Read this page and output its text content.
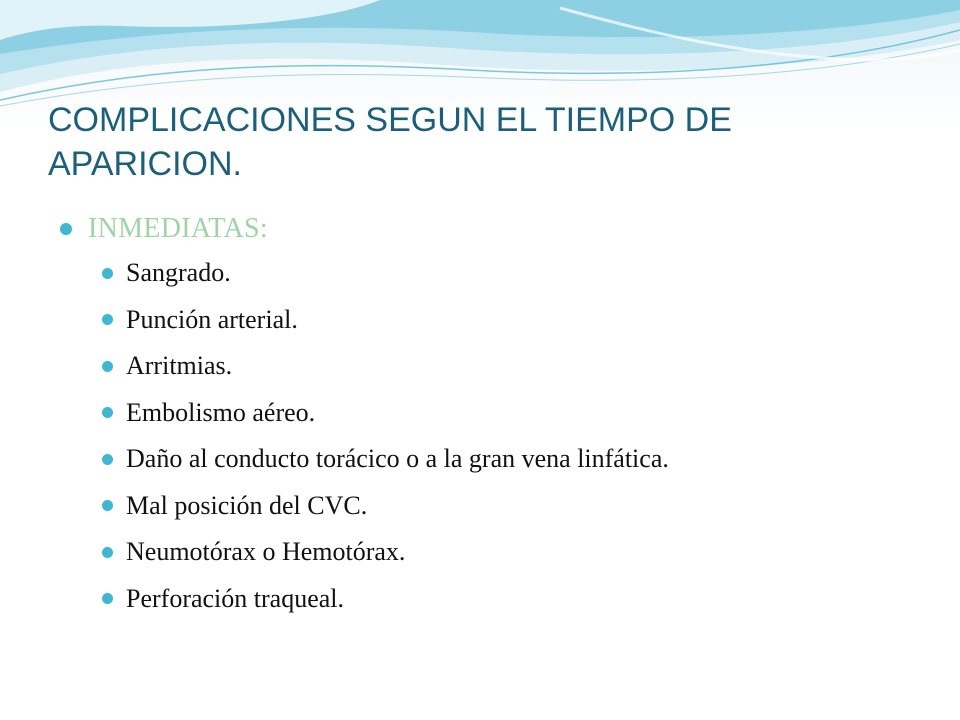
COMPLICACIONES SEGUN EL TIEMPO DE
APARICION.
INMEDIATAS:
Sangrado.
Punción arterial.
Arritmias.
Embolismo aéreo.
Daño al conducto torácico o a la gran vena linfática.
Mal posición del CVC.
Neumotórax o Hemotórax.
Perforación traqueal.
